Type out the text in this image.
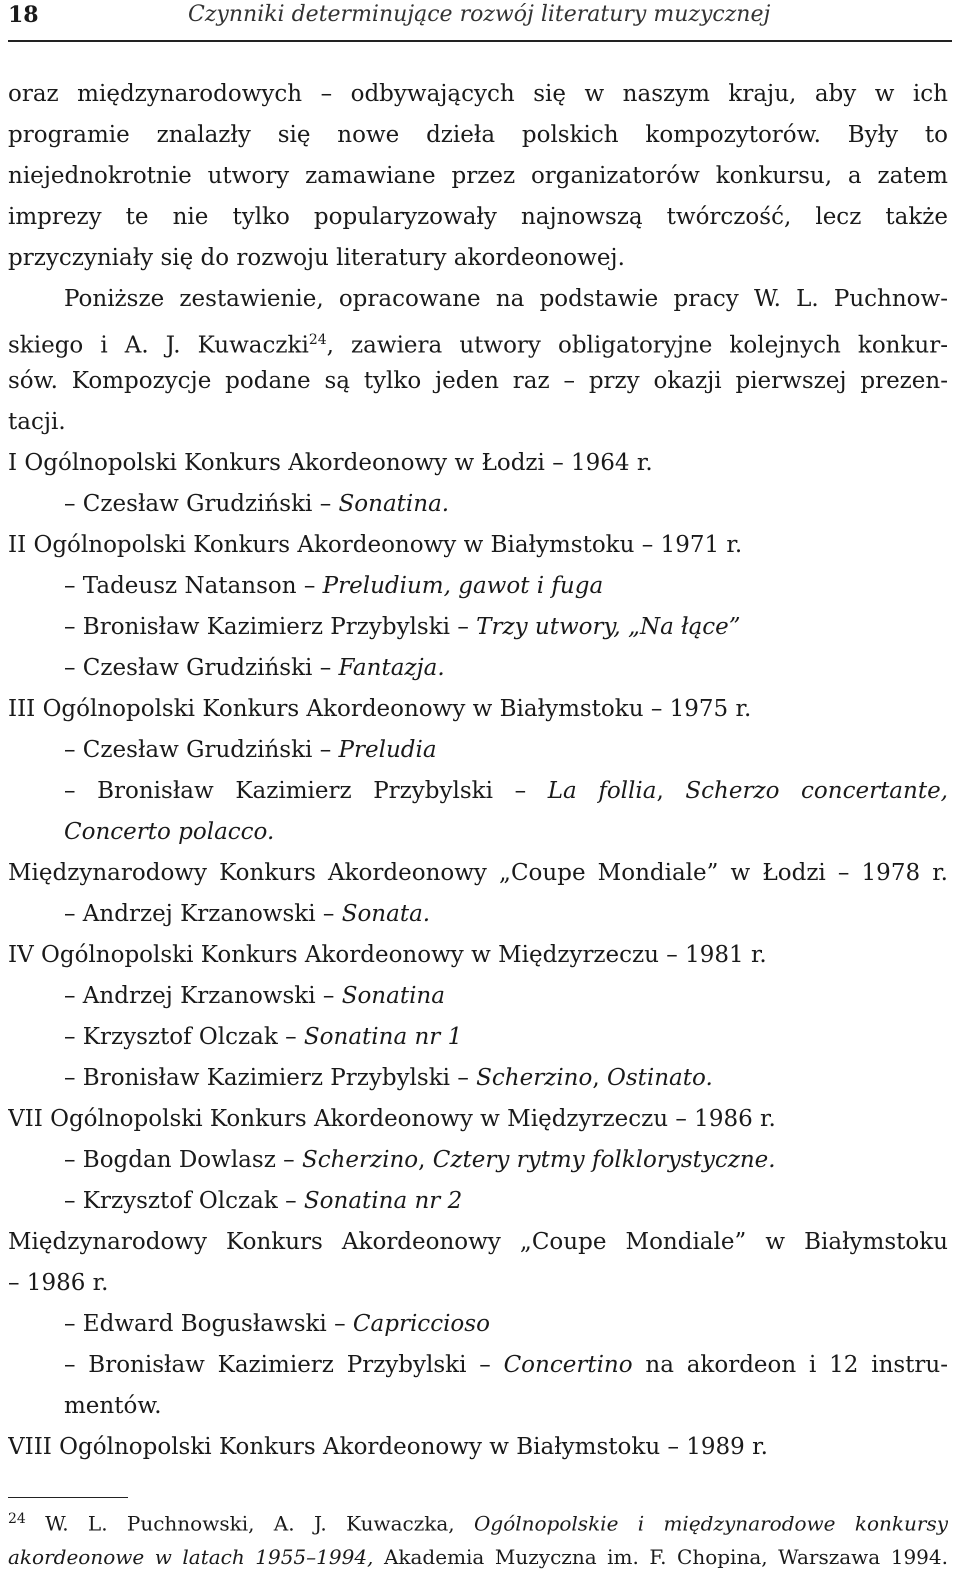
18	Czynniki determinujące rozwój literatury muzycznej
oraz międzynarodowych – odbywających się w naszym kraju, aby w ich
programie znalazły się nowe dzieła polskich kompozytorów. Były to
niejednokrotnie utwory zamawiane przez organizatorów konkursu, a zatem
imprezy te nie tylko popularyzowały najnowszą twórczość, lecz także
przyczyniały się do rozwoju literatury akordeonowej.
Poniższe zestawienie, opracowane na podstawie pracy W. L. Puchnow-
skiego i A. J. Kuwaczki$^{24}$, zawiera utwory obligatoryjne kolejnych konkur-
sów. Kompozycje podane są tylko jeden raz – przy okazji pierwszej prezen-
tacji.
I Ogólnopolski Konkurs Akordeonowy w Łodzi – 1964 r.
– Czesław Grudziński – Sonatina.
II Ogólnopolski Konkurs Akordeonowy w Białymstoku – 1971 r.
– Tadeusz Natanson – Preludium, gawot i fuga
– Bronisław Kazimierz Przybylski – Trzy utwory, „Na łące”
– Czesław Grudziński – Fantazja.
III Ogólnopolski Konkurs Akordeonowy w Białymstoku – 1975 r.
– Czesław Grudziński – Preludia
– Bronisław Kazimierz Przybylski – La follia, Scherzo concertante,
Concerto polacco.
Międzynarodowy Konkurs Akordeonowy „Coupe Mondiale” w Łodzi – 1978 r.
– Andrzej Krzanowski – Sonata.
IV Ogólnopolski Konkurs Akordeonowy w Międzyrzeczu – 1981 r.
– Andrzej Krzanowski – Sonatina
– Krzysztof Olczak – Sonatina nr 1
– Bronisław Kazimierz Przybylski – Scherzino, Ostinato.
VII Ogólnopolski Konkurs Akordeonowy w Międzyrzeczu – 1986 r.
– Bogdan Dowlasz – Scherzino, Cztery rytmy folklorystyczne.
– Krzysztof Olczak – Sonatina nr 2
Międzynarodowy Konkurs Akordeonowy „Coupe Mondiale” w Białymstoku
– 1986 r.
– Edward Bogusławski – Capriccioso
– Bronisław Kazimierz Przybylski – Concertino na akordeon i 12 instru-
mentów.
VIII Ogólnopolski Konkurs Akordeonowy w Białymstoku – 1989 r.
$^{24}$ W. L. Puchnowski, A. J. Kuwaczka, Ogólnopolskie i międzynarodowe konkursy
akordeonowe w latach 1955–1994, Akademia Muzyczna im. F. Chopina, Warszawa 1994.
